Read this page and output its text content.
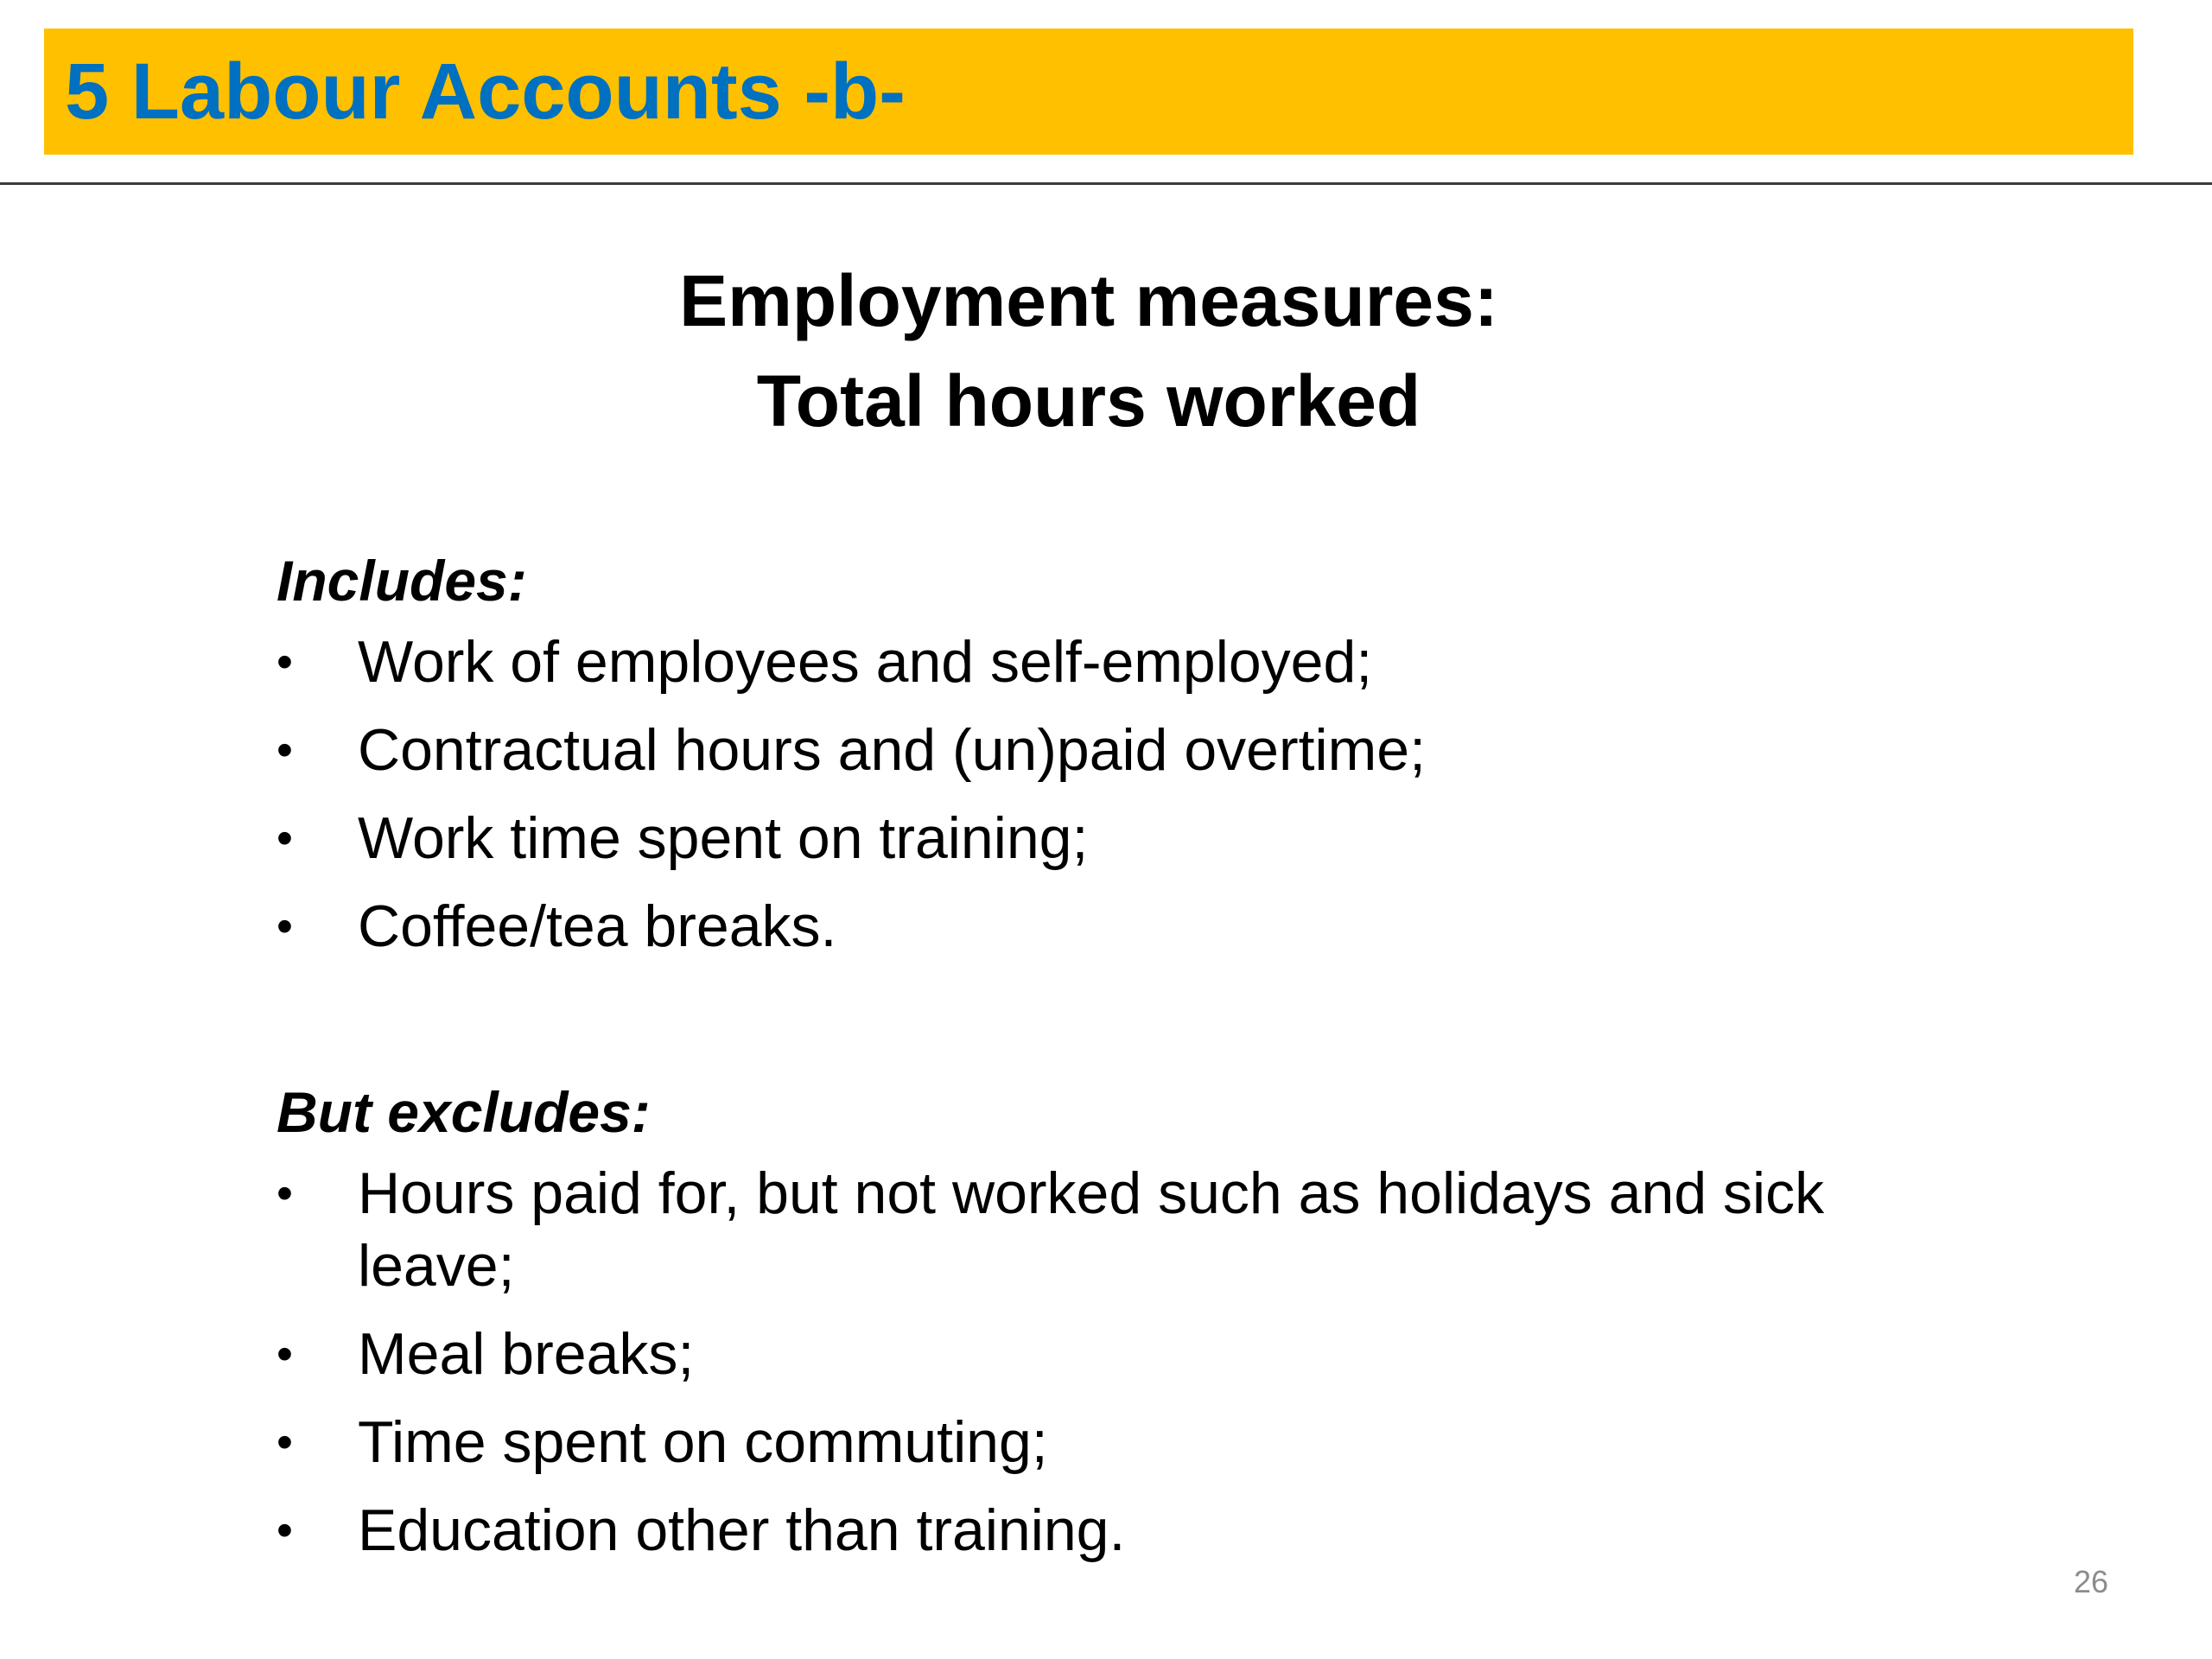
5 Labour Accounts -b-
Employment measures:
Total hours worked
Includes:
•	Work of employees and self-employed;
•	Contractual hours and (un)paid overtime;
•	Work time spent on training;
•	Coffee/tea breaks.
But excludes:
•	Hours paid for, but not worked such as holidays and sick leave;
•	Meal breaks;
•	Time spent on commuting;
•	Education other than training.
26
